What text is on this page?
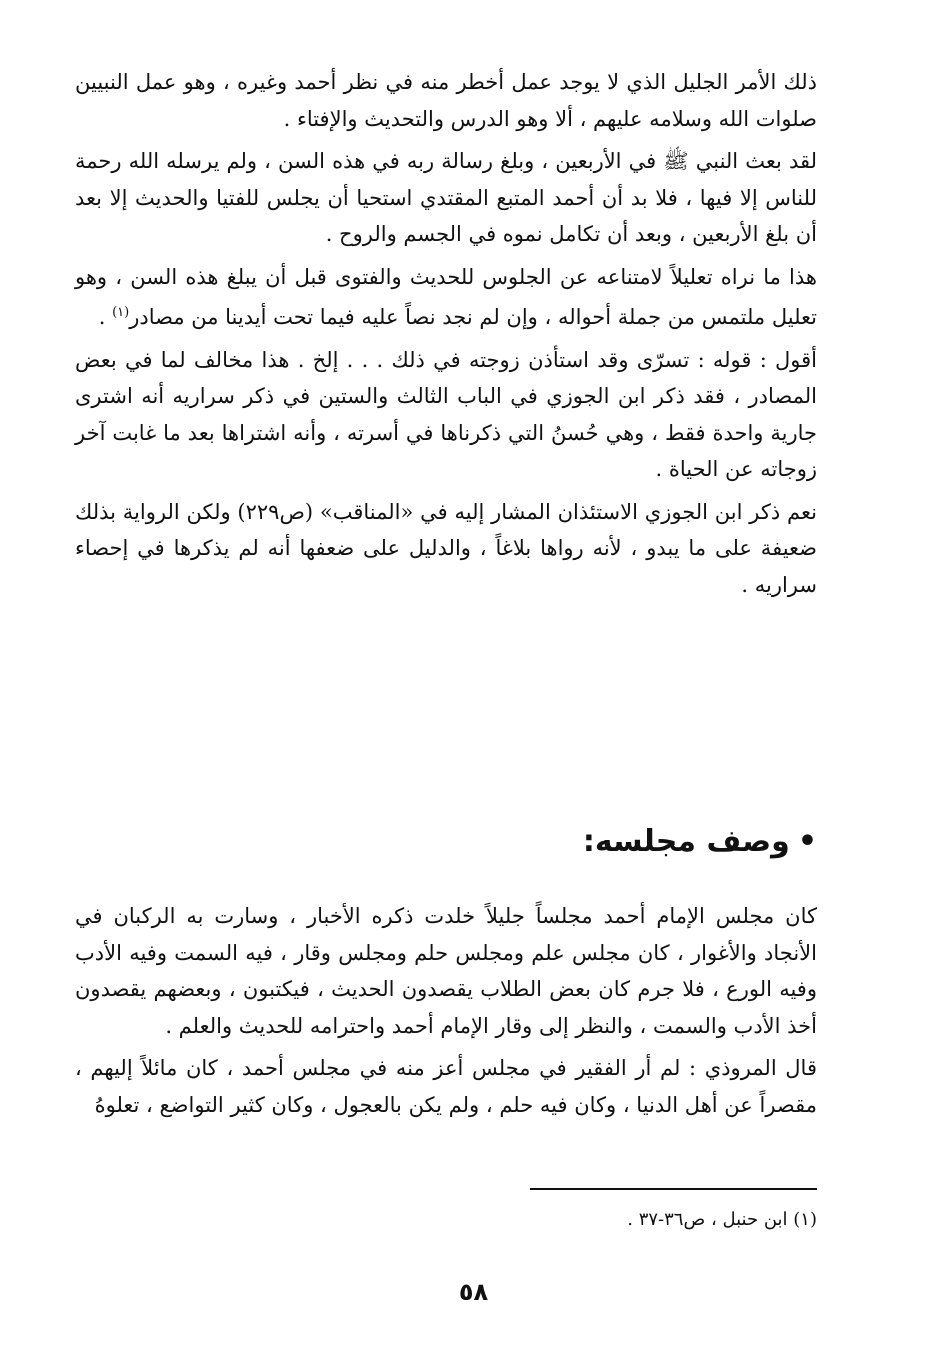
ذلك الأمر الجليل الذي لا يوجد عمل أخطر منه في نظر أحمد وغيره ، وهو عمل النبيين صلوات الله وسلامه عليهم ، ألا وهو الدرس والتحديث والإفتاء .

لقد بعث النبي ﷺ في الأربعين ، وبلغ رسالة ربه في هذه السن ، ولم يرسله الله رحمة للناس إلا فيها ، فلا بد أن أحمد المتبع المقتدي استحيا أن يجلس للفتيا والحديث إلا بعد أن بلغ الأربعين ، وبعد أن تكامل نموه في الجسم والروح .

هذا ما نراه تعليلاً لامتناعه عن الجلوس للحديث والفتوى قبل أن يبلغ هذه السن ، وهو تعليل ملتمس من جملة أحواله ، وإن لم نجد نصاً عليه فيما تحت أيدينا من مصادر$^{(١)}$ .

أقول : قوله : تسرّى وقد استأذن زوجته في ذلك . . . إلخ . هذا مخالف لما في بعض المصادر ، فقد ذكر ابن الجوزي في الباب الثالث والستين في ذكر سراريه أنه اشترى جارية واحدة فقط ، وهي حُسنُ التي ذكرناها في أسرته ، وأنه اشتراها بعد ما غابت آخر زوجاته عن الحياة .

نعم ذكر ابن الجوزي الاستئذان المشار إليه في «المناقب» (ص٢٢٩) ولكن الرواية بذلك ضعيفة على ما يبدو ، لأنه رواها بلاغاً ، والدليل على ضعفها أنه لم يذكرها في إحصاء سراريه .

•وصف مجلسه:

كان مجلس الإمام أحمد مجلساً جليلاً خلدت ذكره الأخبار ، وسارت به الركبان في الأنجاد والأغوار ، كان مجلس علم ومجلس حلم ومجلس وقار ، فيه السمت وفيه الأدب وفيه الورع ، فلا جرم كان بعض الطلاب يقصدون الحديث ، فيكتبون ، وبعضهم يقصدون أخذ الأدب والسمت ، والنظر إلى وقار الإمام أحمد واحترامه للحديث والعلم .

قال المروذي : لم أر الفقير في مجلس أعز منه في مجلس أحمد ، كان مائلاً إليهم ، مقصراً عن أهل الدنيا ، وكان فيه حلم ، ولم يكن بالعجول ، وكان كثير التواضع ، تعلوهُ

(١) ابن حنبل ، ص٣٦-٣٧ .
٥٨
